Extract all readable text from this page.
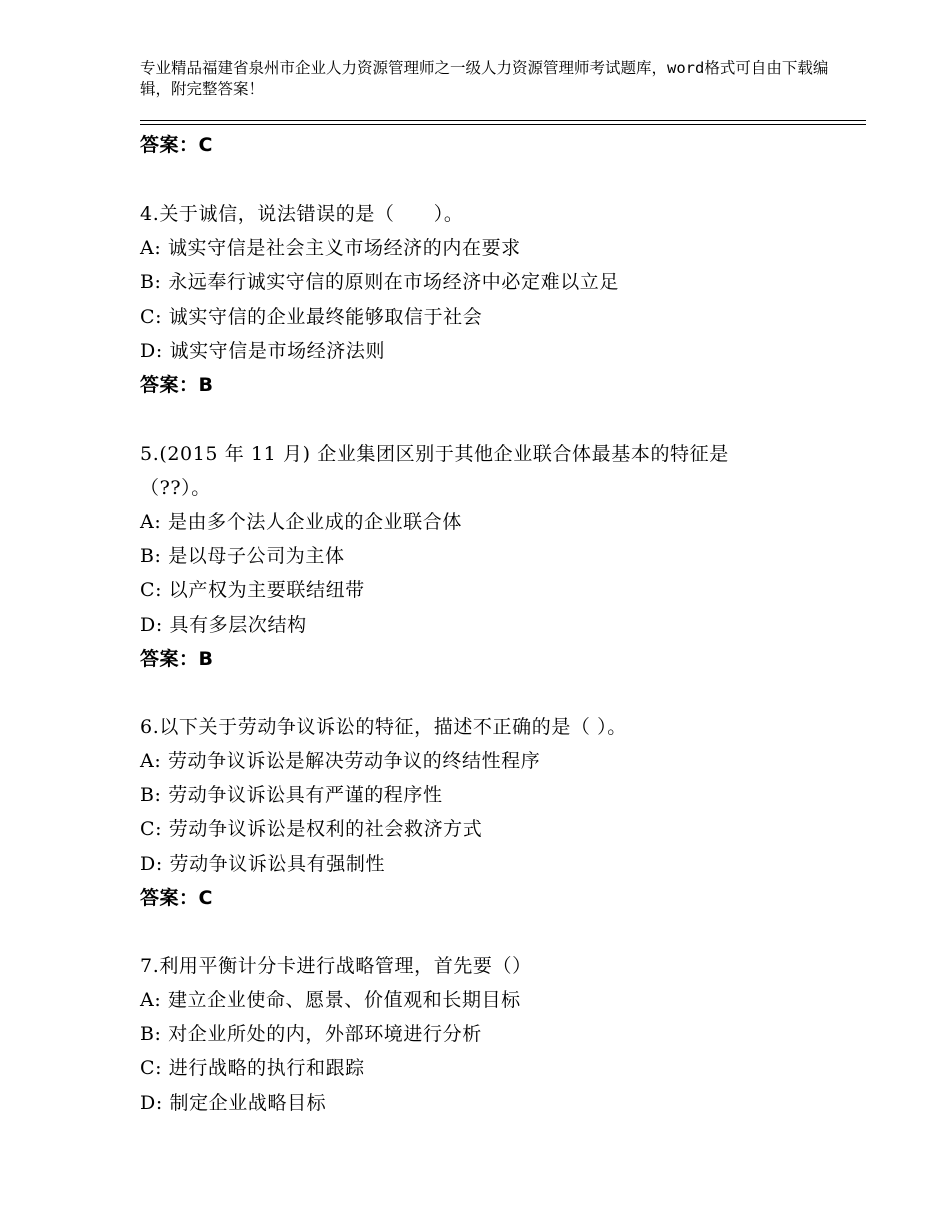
专业精品福建省泉州市企业人力资源管理师之一级人力资源管理师考试题库，word格式可自由下载编辑，附完整答案！
答案：C
4.关于诚信，说法错误的是（　　）。
A: 诚实守信是社会主义市场经济的内在要求
B: 永远奉行诚实守信的原则在市场经济中必定难以立足
C: 诚实守信的企业最终能够取信于社会
D: 诚实守信是市场经济法则
答案：B
5.(2015 年 11 月) 企业集团区别于其他企业联合体最基本的特征是
（??）。
A: 是由多个法人企业成的企业联合体
B: 是以母子公司为主体
C: 以产权为主要联结纽带
D: 具有多层次结构
答案：B
6.以下关于劳动争议诉讼的特征，描述不正确的是（ ）。
A: 劳动争议诉讼是解决劳动争议的终结性程序
B: 劳动争议诉讼具有严谨的程序性
C: 劳动争议诉讼是权利的社会救济方式
D: 劳动争议诉讼具有强制性
答案：C
7.利用平衡计分卡进行战略管理，首先要（）
A: 建立企业使命、愿景、价值观和长期目标
B: 对企业所处的内，外部环境进行分析
C: 进行战略的执行和跟踪
D: 制定企业战略目标
